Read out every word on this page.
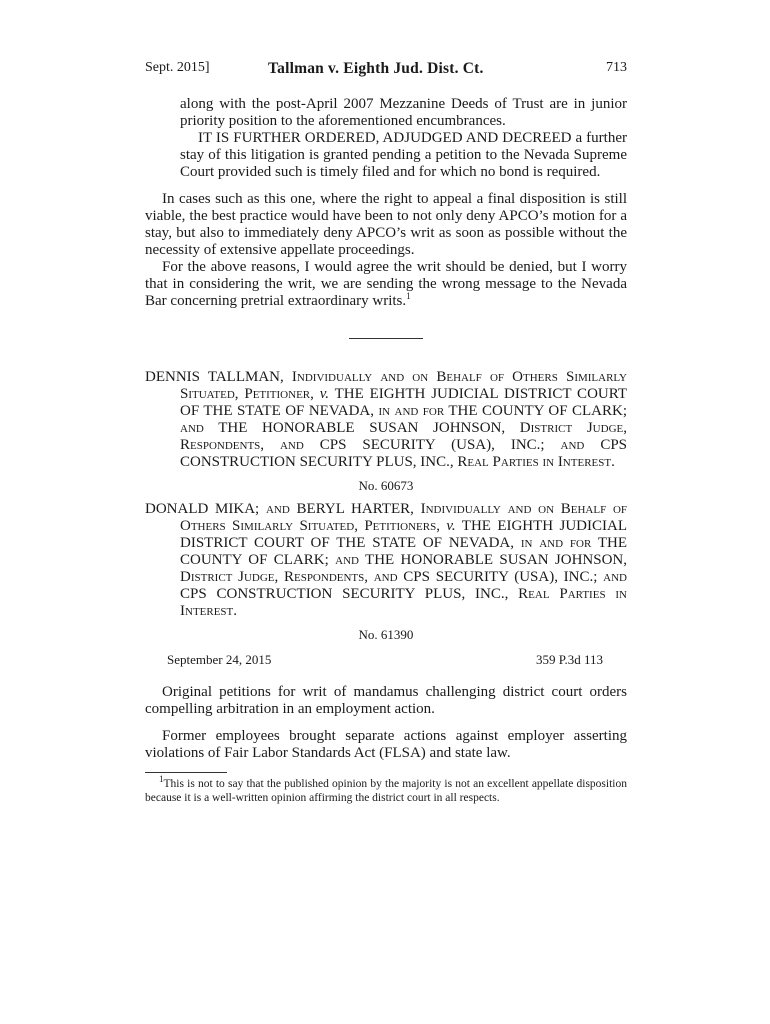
Sept. 2015]	Tallman v. Eighth Jud. Dist. Ct.	713

along with the post-April 2007 Mezzanine Deeds of Trust are in junior priority position to the aforementioned encumbrances.

IT IS FURTHER ORDERED, ADJUDGED AND DECREED a further stay of this litigation is granted pending a petition to the Nevada Supreme Court provided such is timely filed and for which no bond is required.

In cases such as this one, where the right to appeal a final disposition is still viable, the best practice would have been to not only deny APCO’s motion for a stay, but also to immediately deny APCO’s writ as soon as possible without the necessity of extensive appellate proceedings.

For the above reasons, I would agree the writ should be denied, but I worry that in considering the writ, we are sending the wrong message to the Nevada Bar concerning pretrial extraordinary writs.$^1$

DENNIS TALLMAN, Individually and on Behalf of Others Similarly Situated, Petitioner, v. THE EIGHTH JUDICIAL DISTRICT COURT OF THE STATE OF NEVADA, in and for THE COUNTY OF CLARK; and THE HONORABLE SUSAN JOHNSON, District Judge, Respondents, and CPS SECURITY (USA), INC.; and CPS CONSTRUCTION SECURITY PLUS, INC., Real Parties in Interest.

No. 60673

DONALD MIKA; and BERYL HARTER, Individually and on Behalf of Others Similarly Situated, Petitioners, v. THE EIGHTH JUDICIAL DISTRICT COURT OF THE STATE OF NEVADA, in and for THE COUNTY OF CLARK; and THE HONORABLE SUSAN JOHNSON, District Judge, Respondents, and CPS SECURITY (USA), INC.; and CPS CONSTRUCTION SECURITY PLUS, INC., Real Parties in Interest.

No. 61390
September 24, 2015	359 P.3d 113

Original petitions for writ of mandamus challenging district court orders compelling arbitration in an employment action.

Former employees brought separate actions against employer asserting violations of Fair Labor Standards Act (FLSA) and state law.

$^1$This is not to say that the published opinion by the majority is not an excellent appellate disposition because it is a well-written opinion affirming the district court in all respects.
